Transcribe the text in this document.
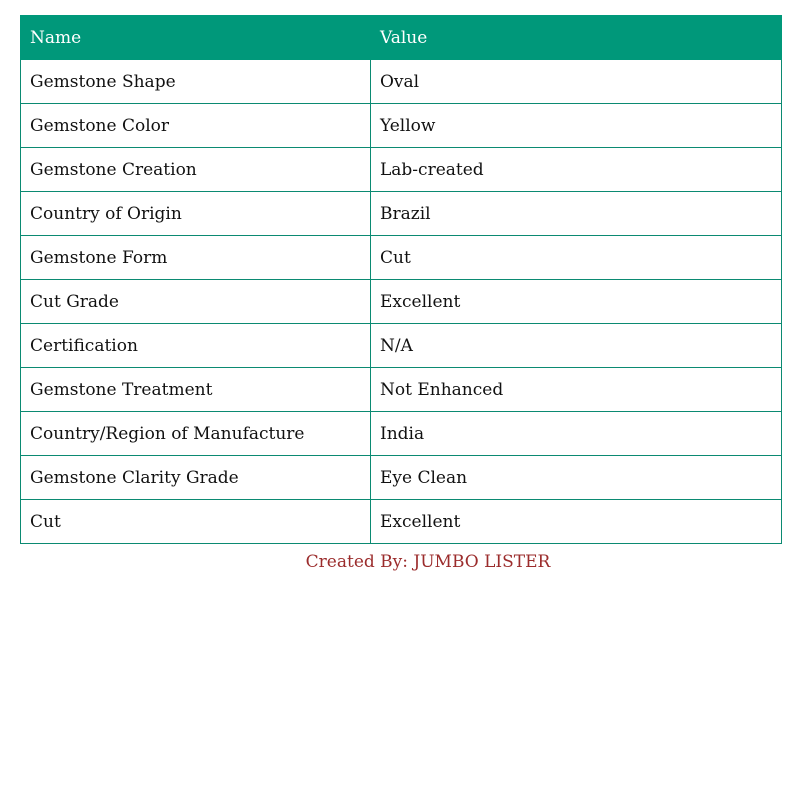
Name	Value
Gemstone Shape	Oval
Gemstone Color	Yellow
Gemstone Creation	Lab-created
Country of Origin	Brazil
Gemstone Form	Cut
Cut Grade	Excellent
Certification	N/A
Gemstone Treatment	Not Enhanced
Country/Region of Manufacture	India
Gemstone Clarity Grade	Eye Clean
Cut	Excellent
Created By: JUMBO LISTER
